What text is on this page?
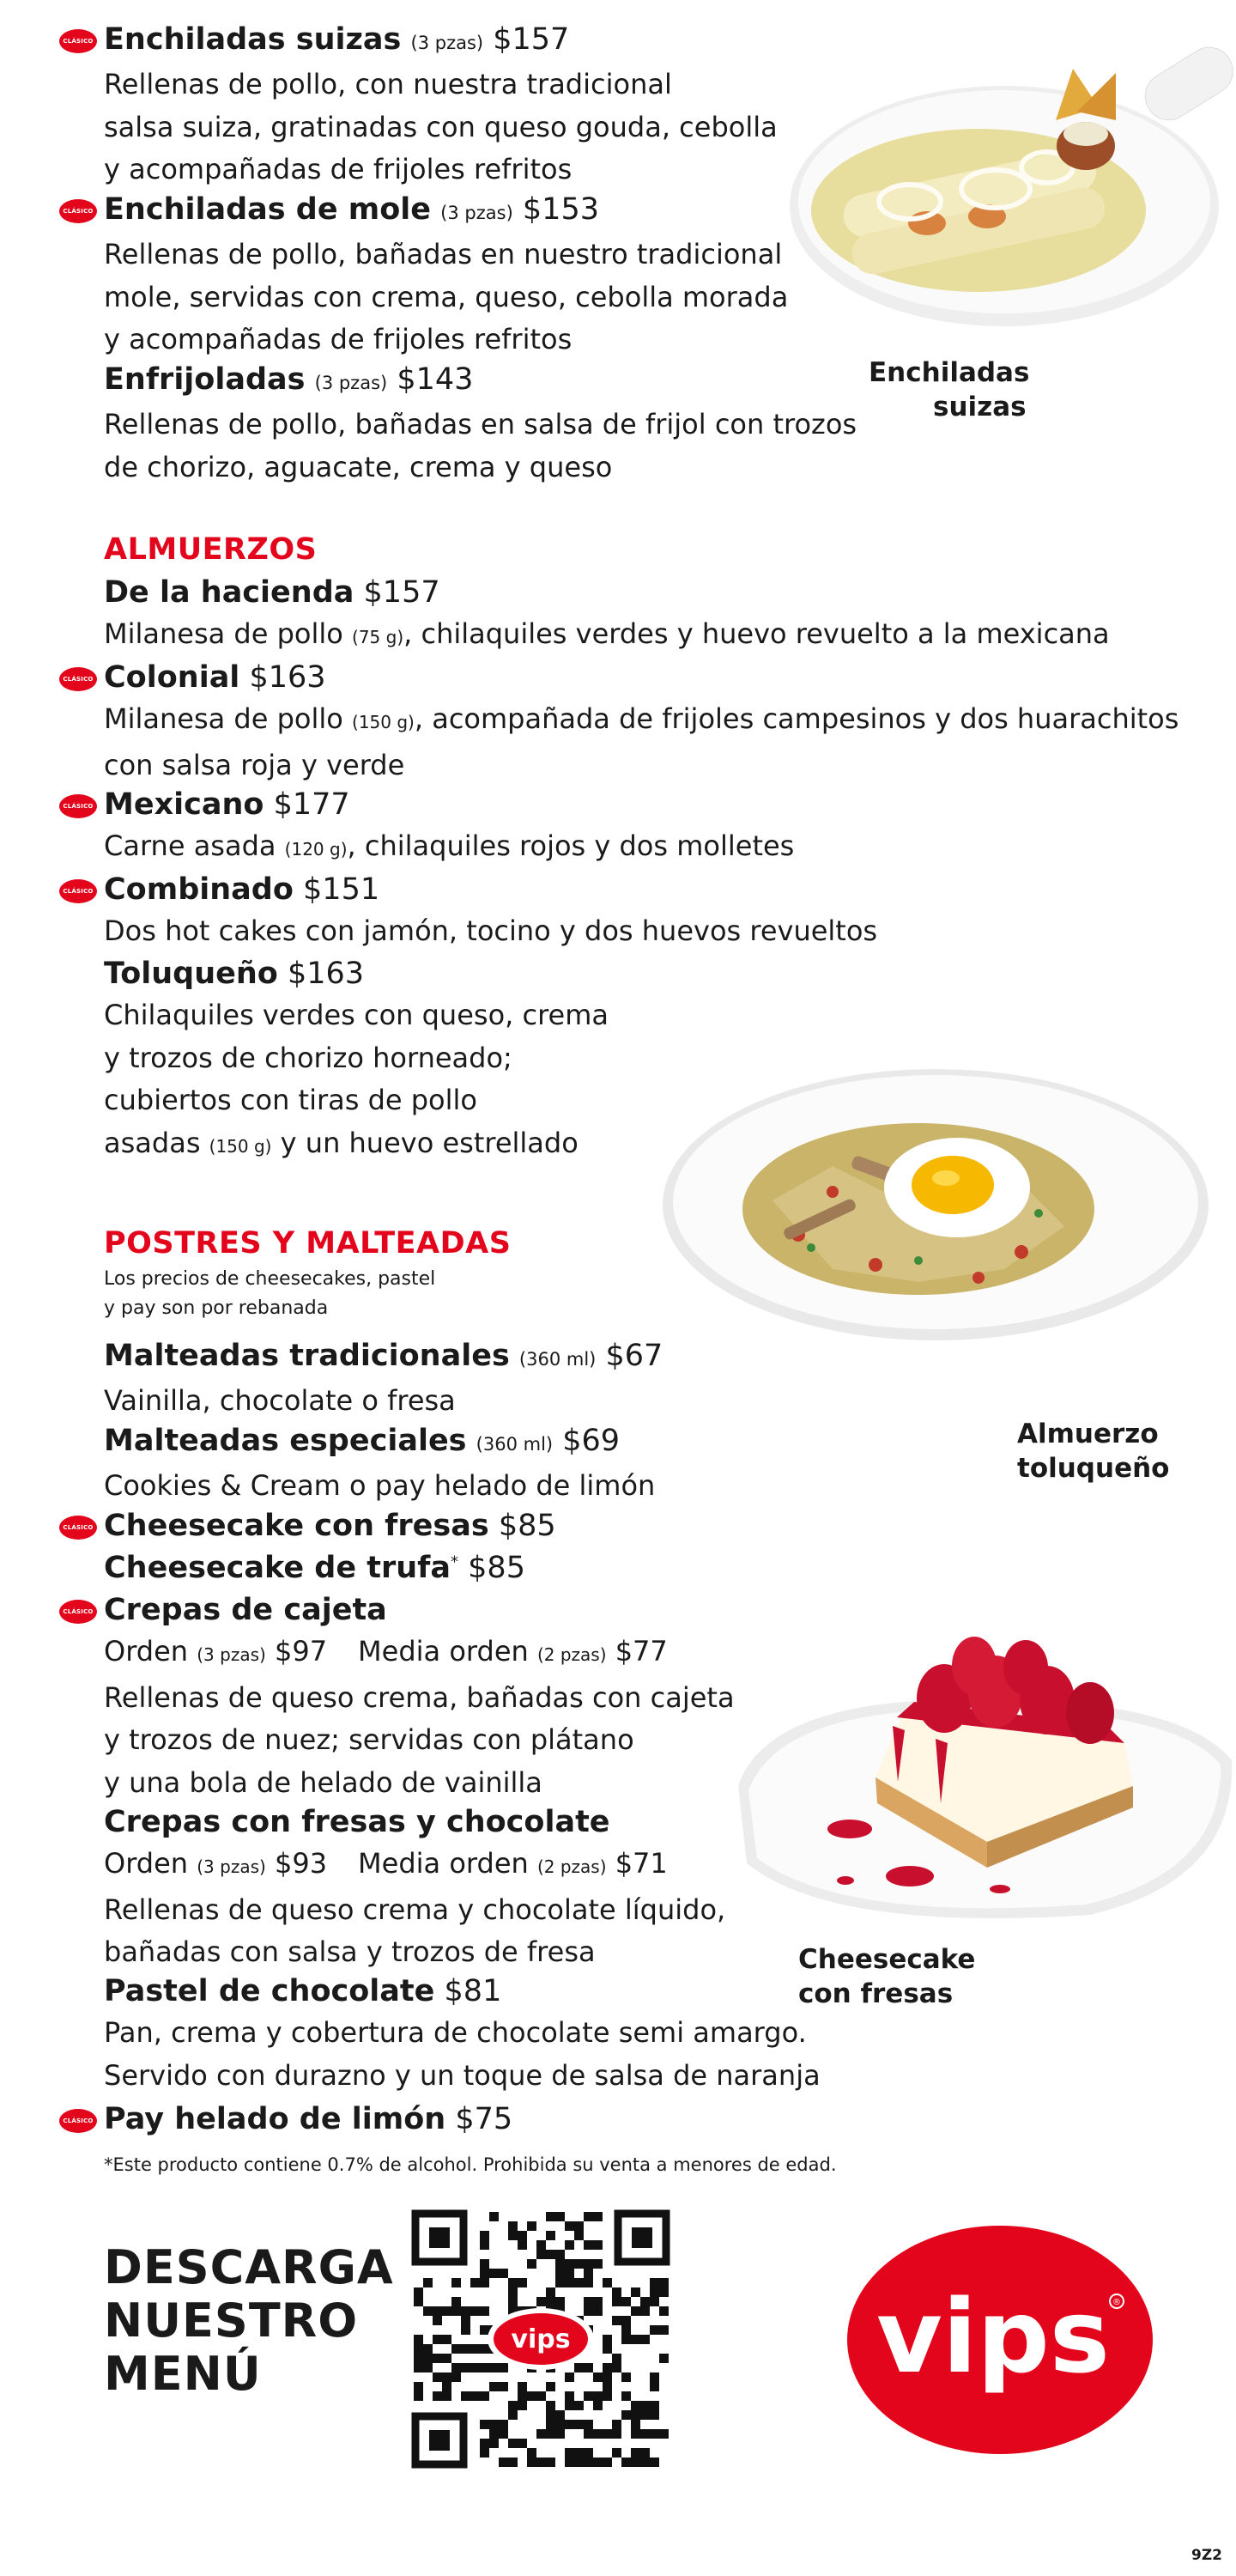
CLÁSICO Enchiladas suizas (3 pzas) $157
Rellenas de pollo, con nuestra tradicional
salsa suiza, gratinadas con queso gouda, cebolla
y acompañadas de frijoles refritos
CLÁSICO Enchiladas de mole (3 pzas) $153
Rellenas de pollo, bañadas en nuestro tradicional
mole, servidas con crema, queso, cebolla morada
y acompañadas de frijoles refritos
Enfrijoladas (3 pzas) $143
Rellenas de pollo, bañadas en salsa de frijol con trozos
de chorizo, aguacate, crema y queso
Enchiladas
suizas
ALMUERZOS
De la hacienda $157
Milanesa de pollo (75 g), chilaquiles verdes y huevo revuelto a la mexicana
CLÁSICO Colonial $163
Milanesa de pollo (150 g), acompañada de frijoles campesinos y dos huarachitos
con salsa roja y verde
CLÁSICO Mexicano $177
Carne asada (120 g), chilaquiles rojos y dos molletes
CLÁSICO Combinado $151
Dos hot cakes con jamón, tocino y dos huevos revueltos
Toluqueño $163
Chilaquiles verdes con queso, crema
y trozos de chorizo horneado;
cubiertos con tiras de pollo
asadas (150 g) y un huevo estrellado
Almuerzo
toluqueño
POSTRES Y MALTEADAS
Los precios de cheesecakes, pastel
y pay son por rebanada
Malteadas tradicionales (360 ml) $67
Vainilla, chocolate o fresa
Malteadas especiales (360 ml) $69
Cookies & Cream o pay helado de limón
CLÁSICO Cheesecake con fresas $85
Cheesecake de trufa* $85
CLÁSICO Crepas de cajeta
Orden (3 pzas) $97 Media orden (2 pzas) $77
Rellenas de queso crema, bañadas con cajeta
y trozos de nuez; servidas con plátano
y una bola de helado de vainilla
Crepas con fresas y chocolate
Orden (3 pzas) $93 Media orden (2 pzas) $71
Rellenas de queso crema y chocolate líquido,
bañadas con salsa y trozos de fresa
Pastel de chocolate $81
Pan, crema y cobertura de chocolate semi amargo.
Servido con durazno y un toque de salsa de naranja
CLÁSICO Pay helado de limón $75
Cheesecake
con fresas
*Este producto contiene 0.7% de alcohol. Prohibida su venta a menores de edad.
DESCARGA
NUESTRO
MENÚ
vips	vips ®
9Z2
